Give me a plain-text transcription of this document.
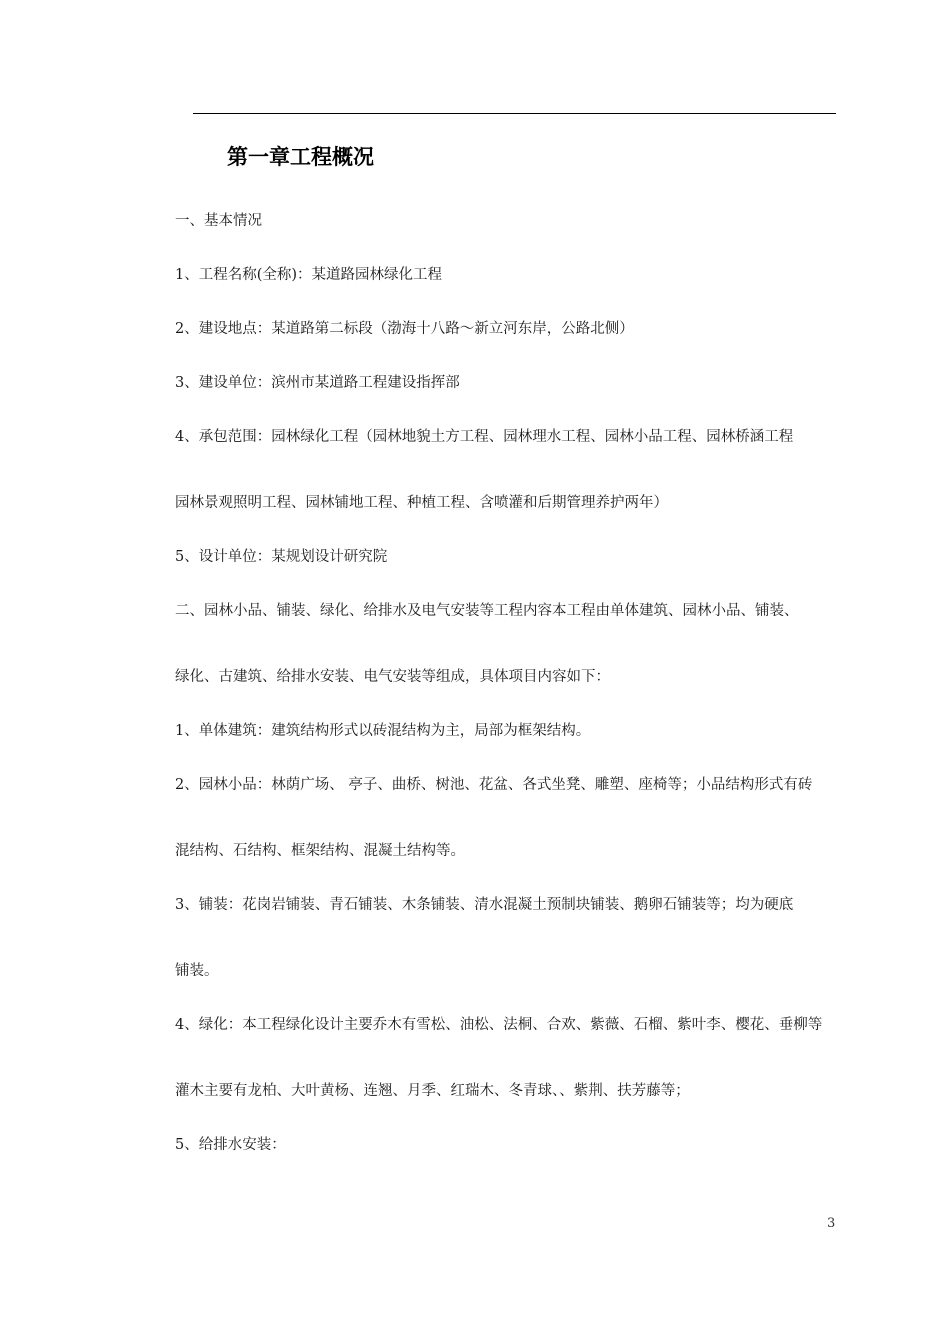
第一章工程概况
一、基本情况
1、工程名称(全称)：某道路园林绿化工程
2、建设地点：某道路第二标段（渤海十八路～新立河东岸，公路北侧）
3、建设单位：滨州市某道路工程建设指挥部
4、承包范围：园林绿化工程（园林地貌土方工程、园林理水工程、园林小品工程、园林桥涵工程
园林景观照明工程、园林铺地工程、种植工程、含喷灌和后期管理养护两年）
5、设计单位：某规划设计研究院
二、园林小品、铺装、绿化、给排水及电气安装等工程内容本工程由单体建筑、园林小品、铺装、
绿化、古建筑、给排水安装、电气安装等组成，具体项目内容如下：
1、单体建筑：建筑结构形式以砖混结构为主，局部为框架结构。
2、园林小品：林荫广场、 亭子、曲桥、树池、花盆、各式坐凳、雕塑、座椅等；小品结构形式有砖
混结构、石结构、框架结构、混凝土结构等。
3、铺装：花岗岩铺装、青石铺装、木条铺装、清水混凝土预制块铺装、鹅卵石铺装等；均为硬底
铺装。
4、绿化：本工程绿化设计主要乔木有雪松、油松、法桐、合欢、紫薇、石榴、紫叶李、樱花、垂柳等
灌木主要有龙柏、大叶黄杨、连翘、月季、红瑞木、冬青球、、紫荆、扶芳藤等；
5、给排水安装：
3
